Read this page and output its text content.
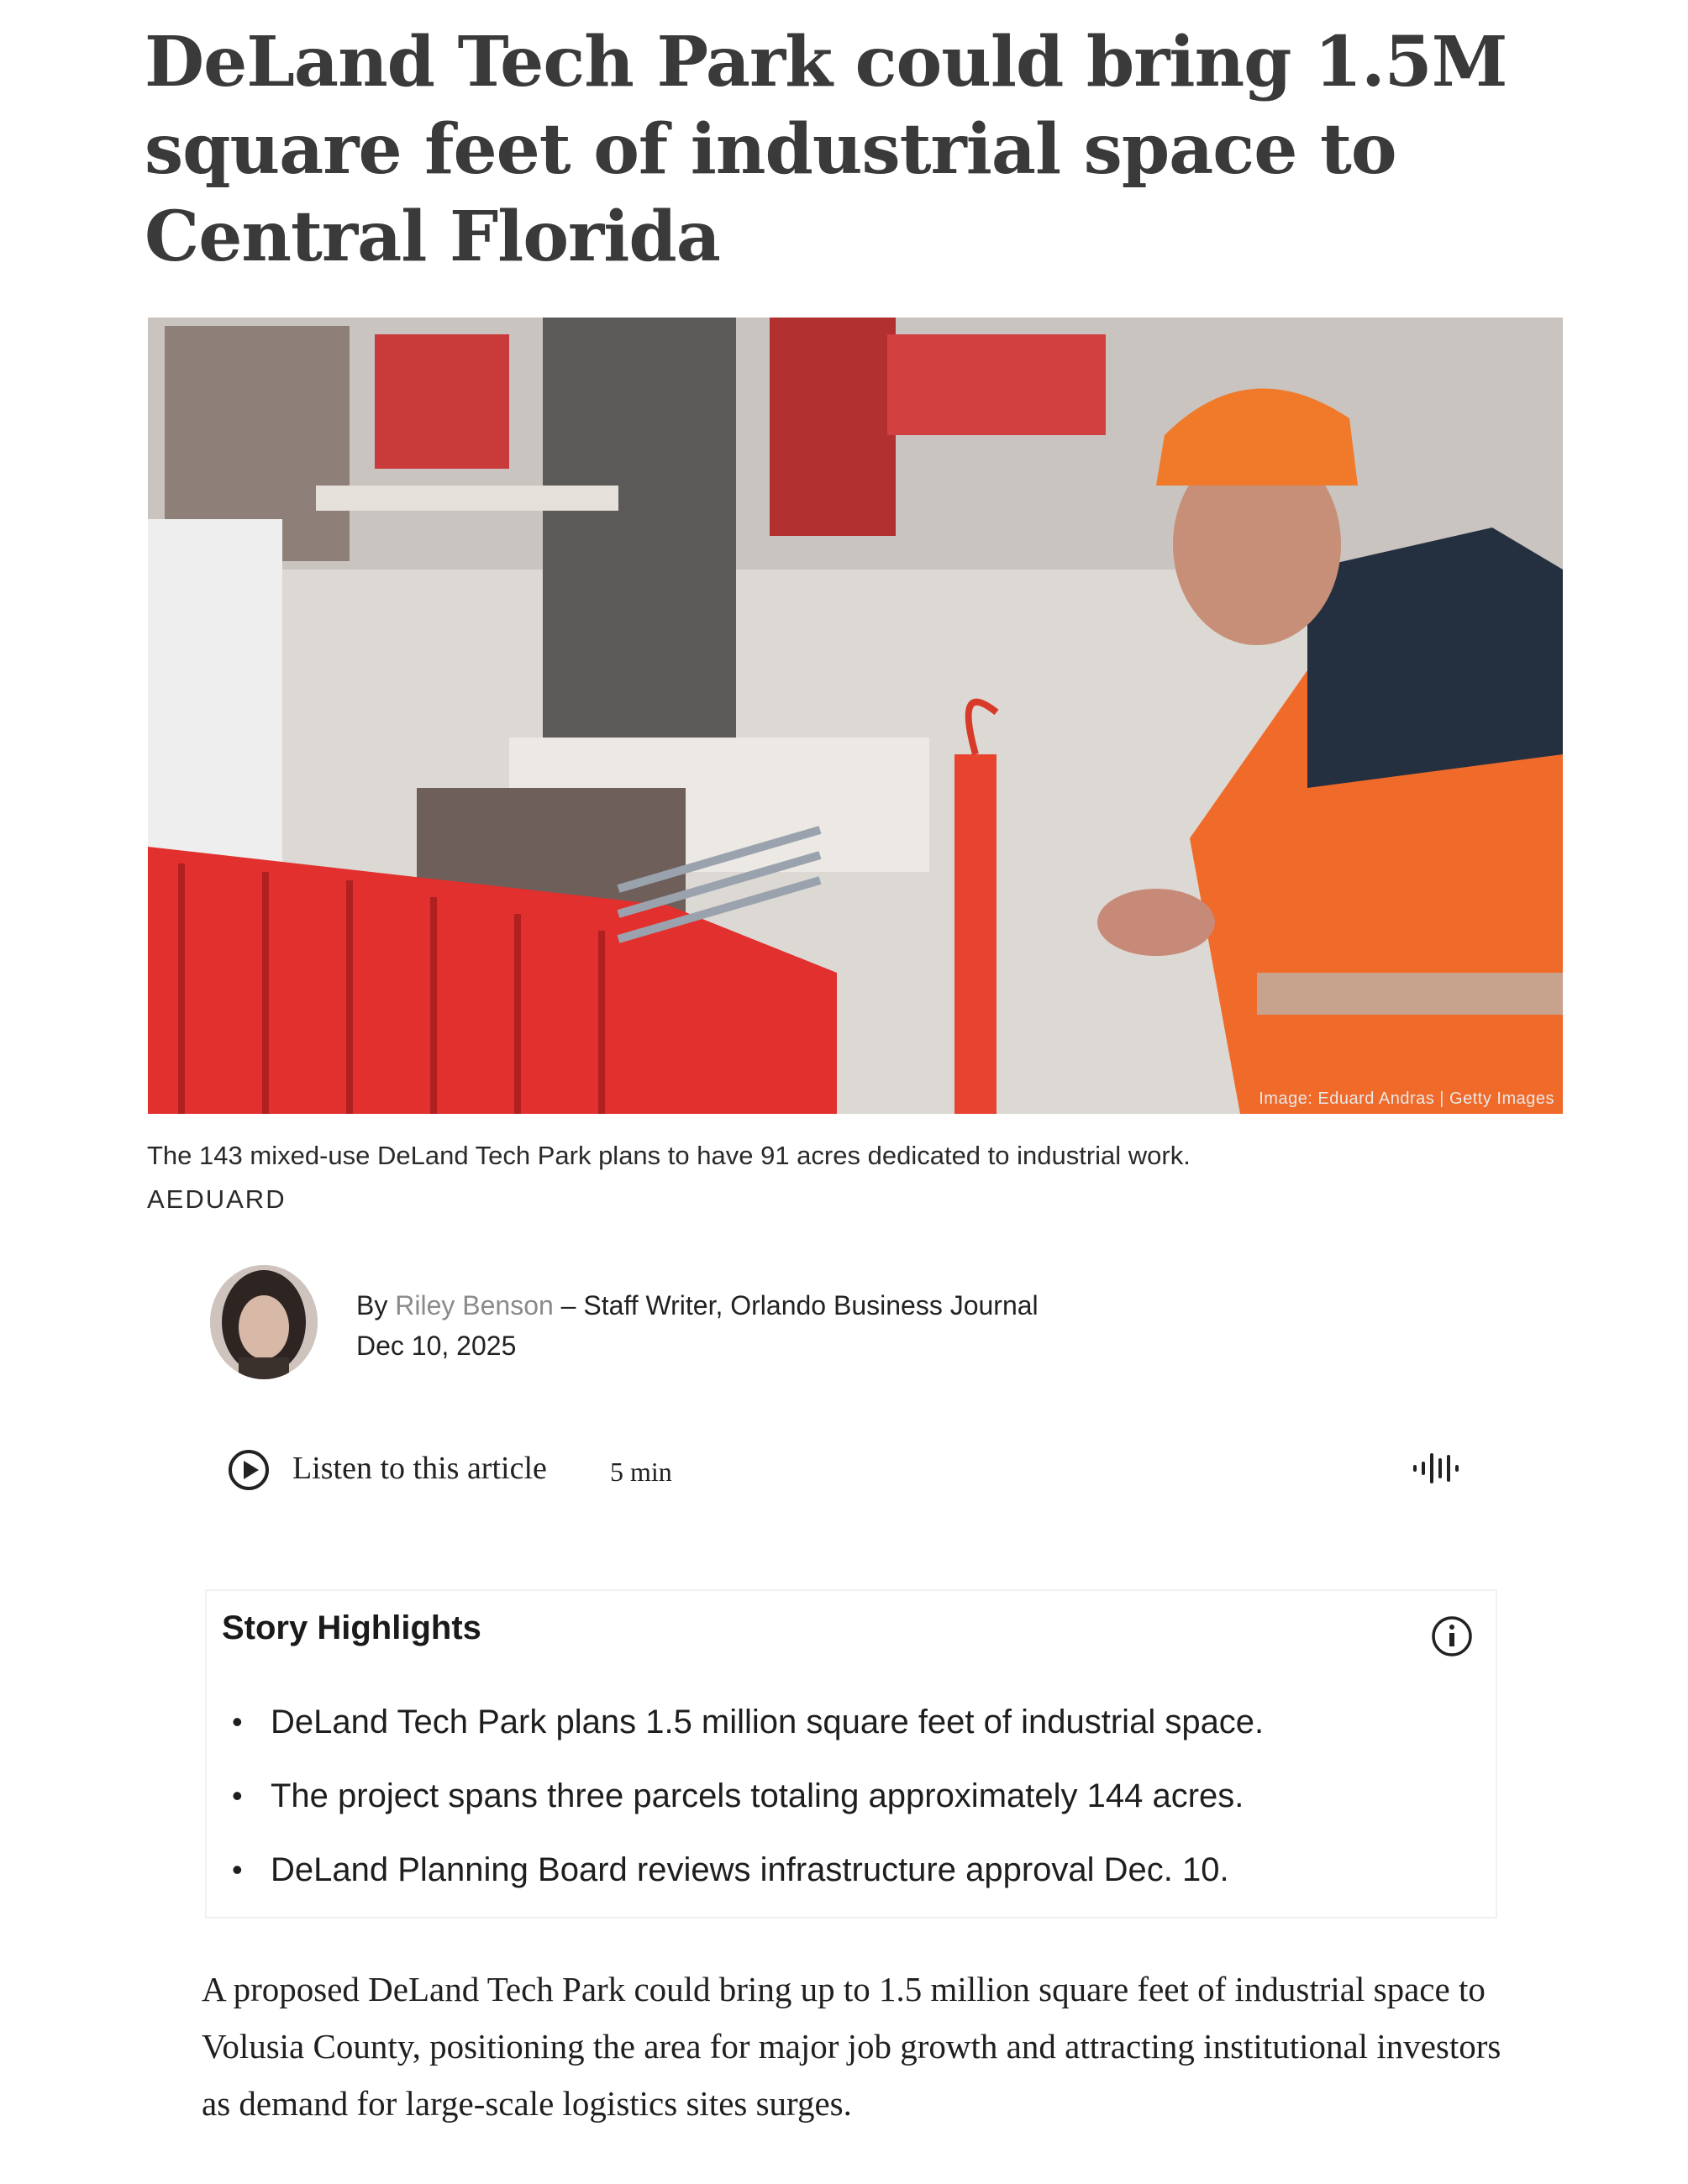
DeLand Tech Park could bring 1.5M square feet of industrial space to Central Florida
Image: Eduard Andras | Getty Images
The 143 mixed-use DeLand Tech Park plans to have 91 acres dedicated to industrial work.
AEDUARD
By Riley Benson – Staff Writer, Orlando Business Journal
Dec 10, 2025
Listen to this article 5 min
Story Highlights
• DeLand Tech Park plans 1.5 million square feet of industrial space.
• The project spans three parcels totaling approximately 144 acres.
• DeLand Planning Board reviews infrastructure approval Dec. 10.

A proposed DeLand Tech Park could bring up to 1.5 million square feet of industrial space to Volusia County, positioning the area for major job growth and attracting institutional investors as demand for large-scale logistics sites surges.
